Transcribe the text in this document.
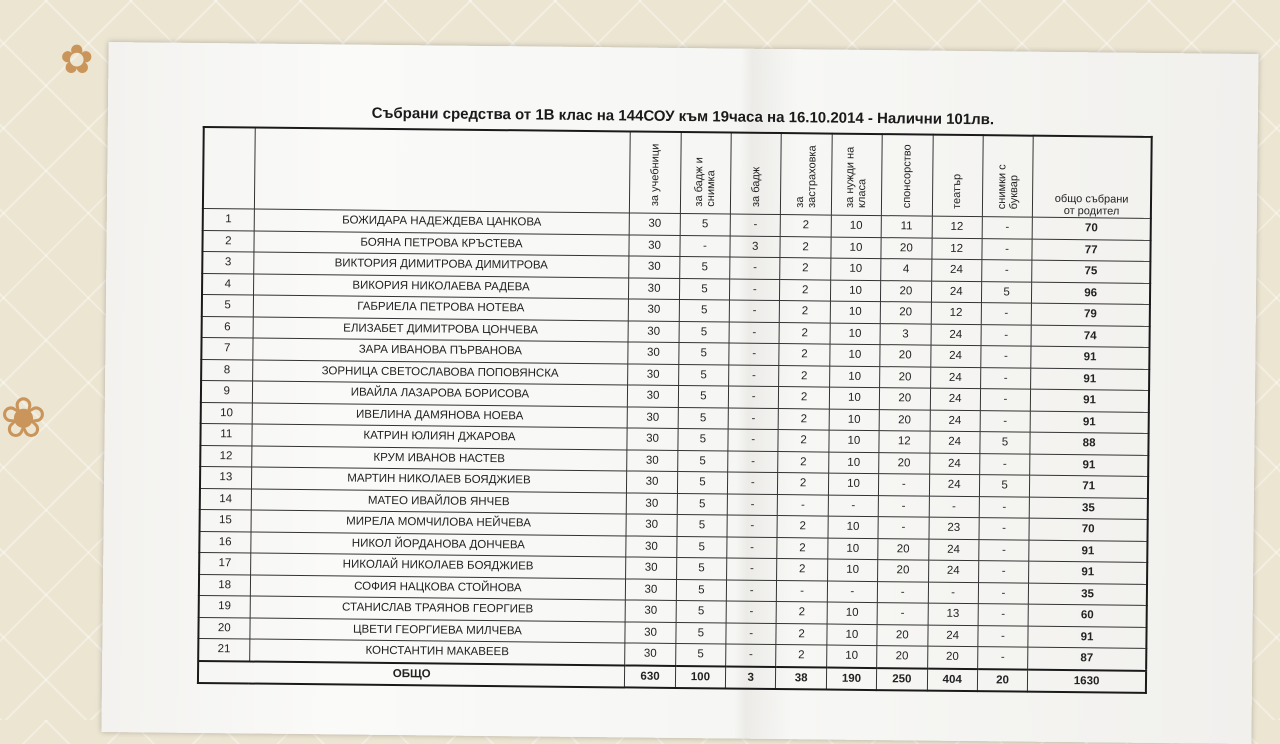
❀
✿
Събрани средства от 1В клас на 144СОУ към 19часа на 16.10.2014 - Налични 101лв.
		за учебници	за бадж и
снимка	за бадж	за
застраховка	за нужди на
класа	спонсорство	театър	снимки с
буквар	общо събрани
от родител
1	БОЖИДАРА НАДЕЖДЕВА ЦАНКОВА	30	5	-	2	10	11	12	-	70
2	БОЯНА ПЕТРОВА КРЪСТЕВА	30	-	3	2	10	20	12	-	77
3	ВИКТОРИЯ ДИМИТРОВА ДИМИТРОВА	30	5	-	2	10	4	24	-	75
4	ВИКОРИЯ НИКОЛАЕВА РАДЕВА	30	5	-	2	10	20	24	5	96
5	ГАБРИЕЛА ПЕТРОВА НОТЕВА	30	5	-	2	10	20	12	-	79
6	ЕЛИЗАБЕТ ДИМИТРОВА ЦОНЧЕВА	30	5	-	2	10	3	24	-	74
7	ЗАРА ИВАНОВА ПЪРВАНОВА	30	5	-	2	10	20	24	-	91
8	ЗОРНИЦА СВЕТОСЛАВОВА ПОПОВЯНСКА	30	5	-	2	10	20	24	-	91
9	ИВАЙЛА ЛАЗАРОВА БОРИСОВА	30	5	-	2	10	20	24	-	91
10	ИВЕЛИНА ДАМЯНОВА НОЕВА	30	5	-	2	10	20	24	-	91
11	КАТРИН ЮЛИЯН ДЖАРОВА	30	5	-	2	10	12	24	5	88
12	КРУМ ИВАНОВ НАСТЕВ	30	5	-	2	10	20	24	-	91
13	МАРТИН НИКОЛАЕВ БОЯДЖИЕВ	30	5	-	2	10	-	24	5	71
14	МАТЕО ИВАЙЛОВ ЯНЧЕВ	30	5	-	-	-	-	-	-	35
15	МИРЕЛА МОМЧИЛОВА НЕЙЧЕВА	30	5	-	2	10	-	23	-	70
16	НИКОЛ ЙОРДАНОВА ДОНЧЕВА	30	5	-	2	10	20	24	-	91
17	НИКОЛАЙ НИКОЛАЕВ БОЯДЖИЕВ	30	5	-	2	10	20	24	-	91
18	СОФИЯ НАЦКОВА СТОЙНОВА	30	5	-	-	-	-	-	-	35
19	СТАНИСЛАВ ТРАЯНОВ ГЕОРГИЕВ	30	5	-	2	10	-	13	-	60
20	ЦВЕТИ ГЕОРГИЕВА МИЛЧЕВА	30	5	-	2	10	20	24	-	91
21	КОНСТАНТИН МАКАВЕЕВ	30	5	-	2	10	20	20	-	87
ОБЩО		630	100	3	38	190	250	404	20	1630
